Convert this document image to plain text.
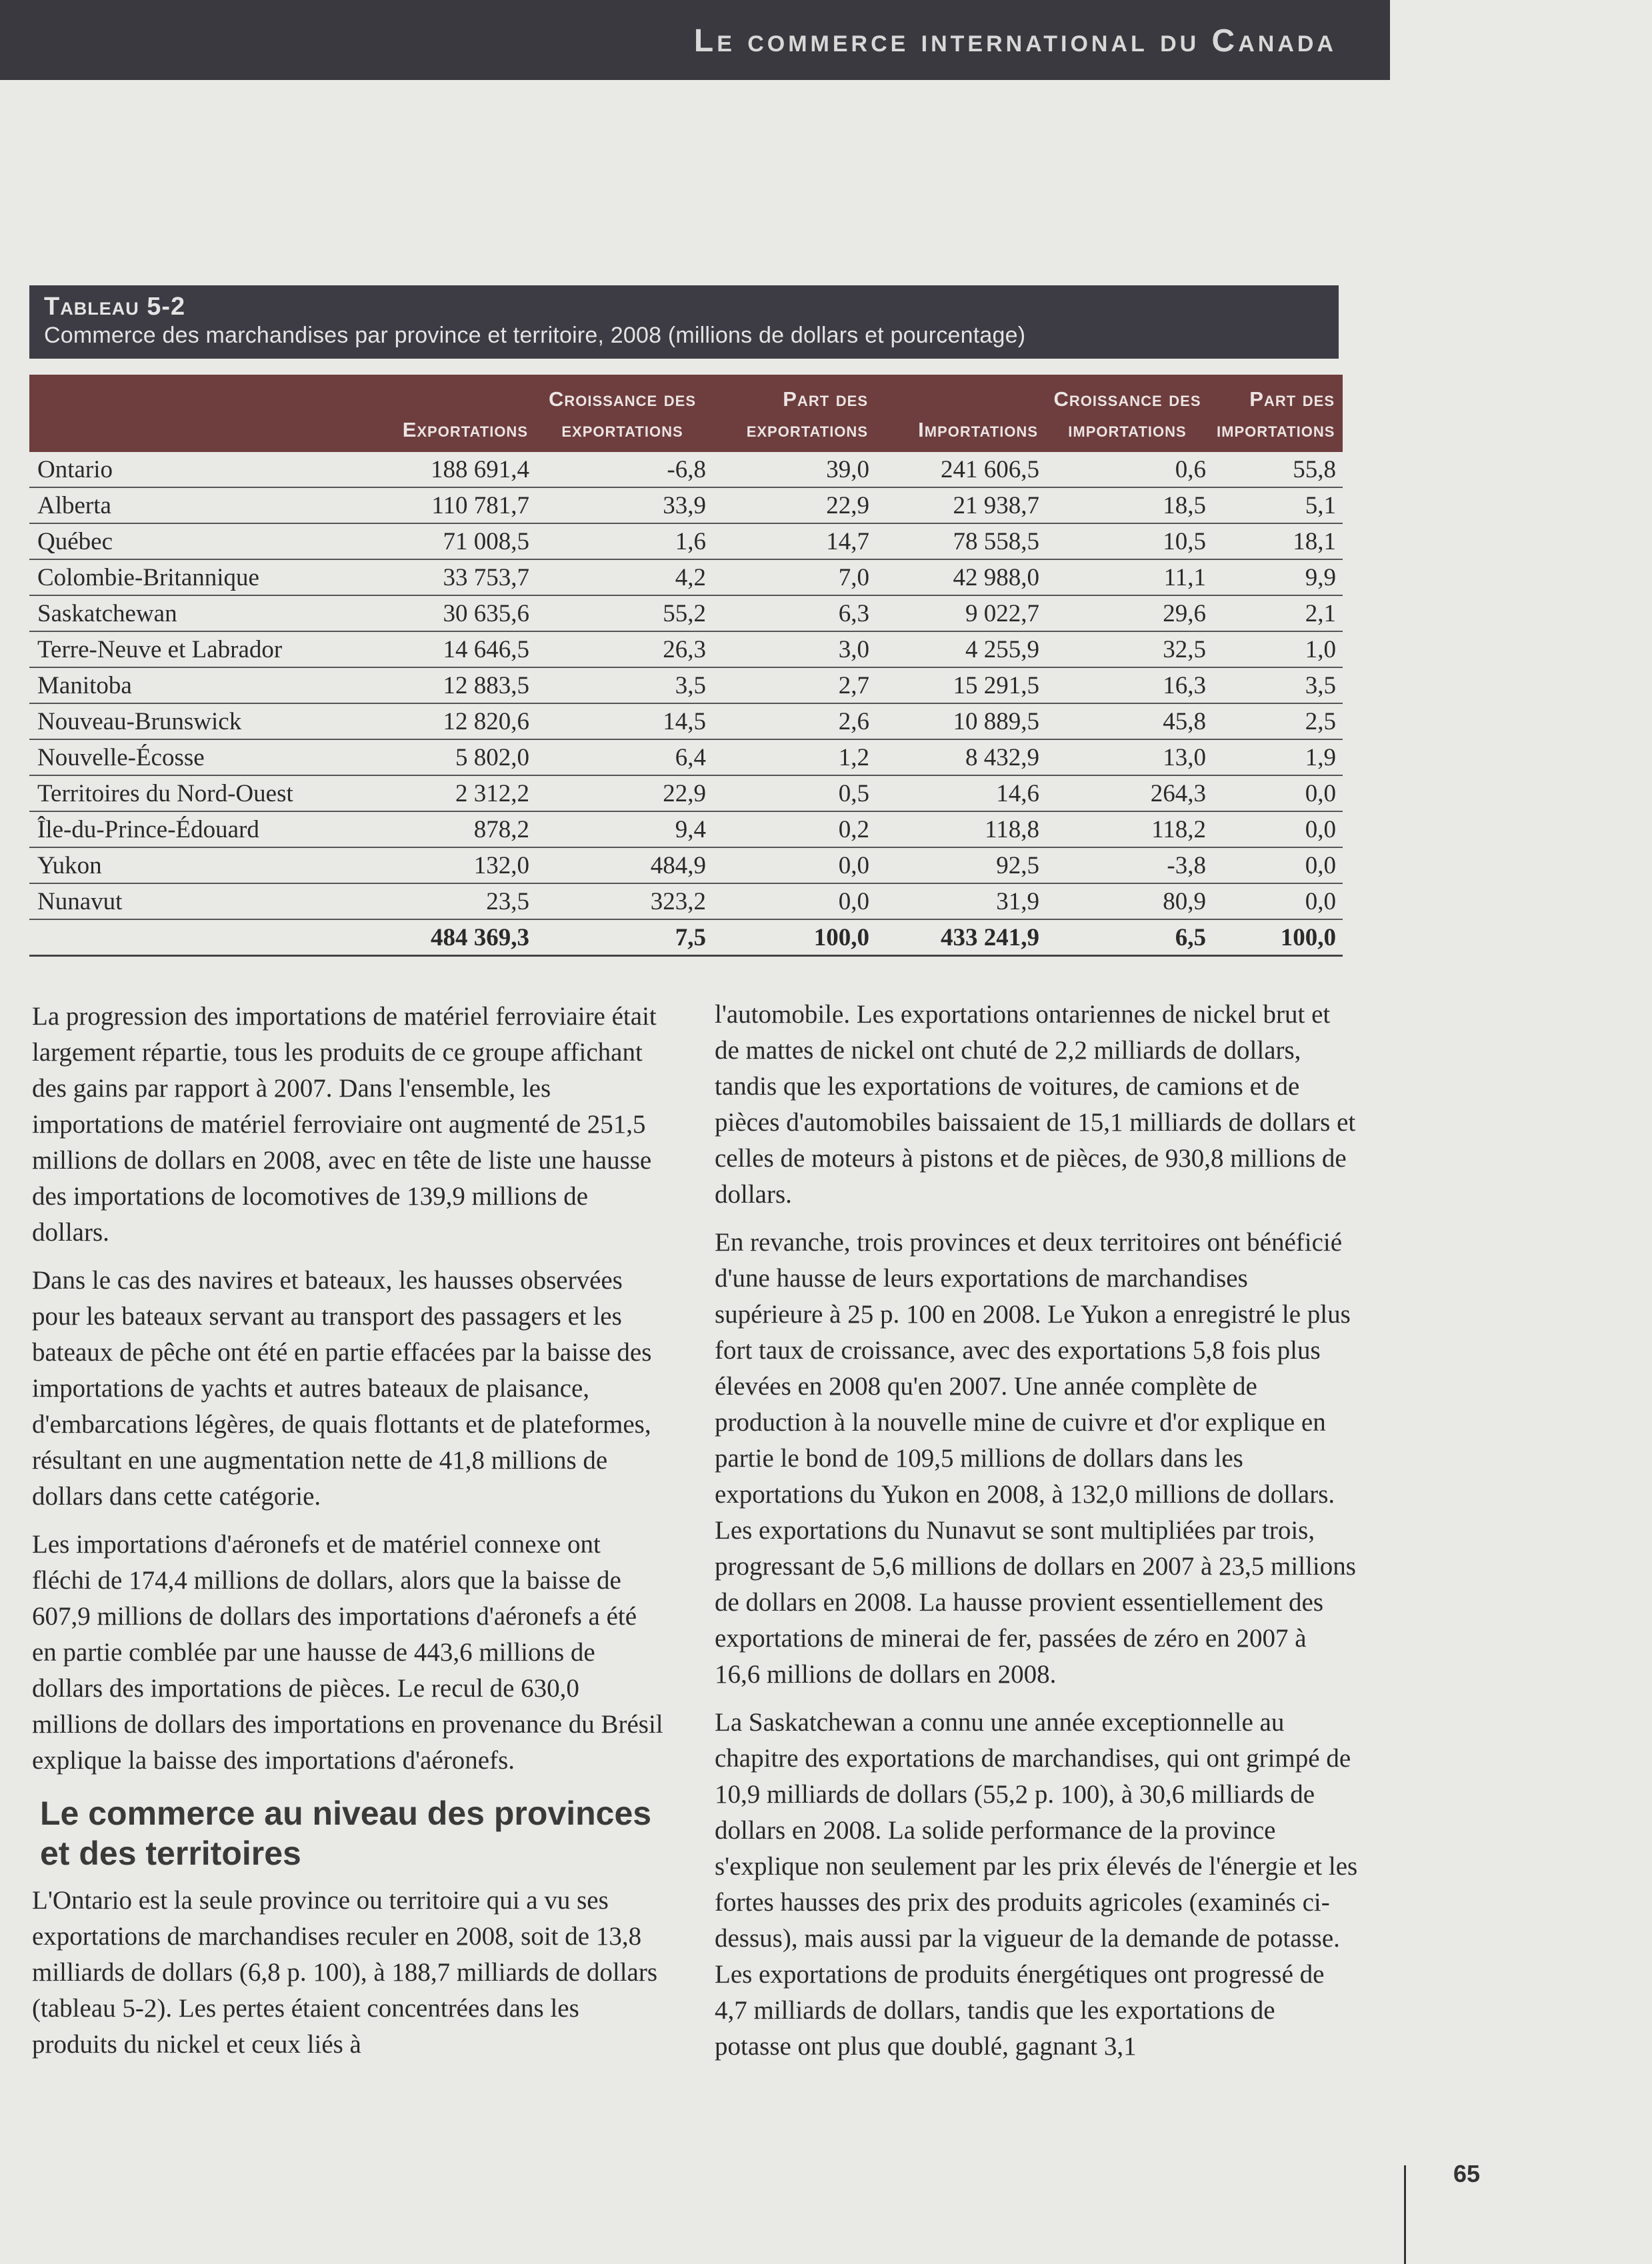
Le commerce international du Canada
Tableau 5-2
Commerce des marchandises par province et territoire, 2008 (millions de dollars et pourcentage)
	Exportations	Croissance des exportations	Part des exportations	Importations	Croissance des importations	Part des importations
Ontario	188 691,4	-6,8	39,0	241 606,5	0,6	55,8
Alberta	110 781,7	33,9	22,9	21 938,7	18,5	5,1
Québec	71 008,5	1,6	14,7	78 558,5	10,5	18,1
Colombie-Britannique	33 753,7	4,2	7,0	42 988,0	11,1	9,9
Saskatchewan	30 635,6	55,2	6,3	9 022,7	29,6	2,1
Terre-Neuve et Labrador	14 646,5	26,3	3,0	4 255,9	32,5	1,0
Manitoba	12 883,5	3,5	2,7	15 291,5	16,3	3,5
Nouveau-Brunswick	12 820,6	14,5	2,6	10 889,5	45,8	2,5
Nouvelle-Écosse	5 802,0	6,4	1,2	8 432,9	13,0	1,9
Territoires du Nord-Ouest	2 312,2	22,9	0,5	14,6	264,3	0,0
Île-du-Prince-Édouard	878,2	9,4	0,2	118,8	118,2	0,0
Yukon	132,0	484,9	0,0	92,5	-3,8	0,0
Nunavut	23,5	323,2	0,0	31,9	80,9	0,0
	484 369,3	7,5	100,0	433 241,9	6,5	100,0

La progression des importations de matériel ferroviaire était largement répartie, tous les produits de ce groupe affichant des gains par rapport à 2007. Dans l'ensemble, les importations de matériel ferroviaire ont augmenté de 251,5 millions de dollars en 2008, avec en tête de liste une hausse des importations de locomotives de 139,9 millions de dollars.

Dans le cas des navires et bateaux, les hausses observées pour les bateaux servant au transport des passagers et les bateaux de pêche ont été en partie effacées par la baisse des importations de yachts et autres bateaux de plaisance, d'embarcations légères, de quais flottants et de plateformes, résultant en une augmentation nette de 41,8 millions de dollars dans cette catégorie.

Les importations d'aéronefs et de matériel connexe ont fléchi de 174,4 millions de dollars, alors que la baisse de 607,9 millions de dollars des importations d'aéronefs a été en partie comblée par une hausse de 443,6 millions de dollars des importations de pièces. Le recul de 630,0 millions de dollars des importations en provenance du Brésil explique la baisse des importations d'aéronefs.

Le commerce au niveau des provinces et des territoires

L'Ontario est la seule province ou territoire qui a vu ses exportations de marchandises reculer en 2008, soit de 13,8 milliards de dollars (6,8 p. 100), à 188,7 milliards de dollars (tableau 5-2). Les pertes étaient concentrées dans les produits du nickel et ceux liés à

l'automobile. Les exportations ontariennes de nickel brut et de mattes de nickel ont chuté de 2,2 milliards de dollars, tandis que les exportations de voitures, de camions et de pièces d'automobiles baissaient de 15,1 milliards de dollars et celles de moteurs à pistons et de pièces, de 930,8 millions de dollars.

En revanche, trois provinces et deux territoires ont bénéficié d'une hausse de leurs exportations de marchandises supérieure à 25 p. 100 en 2008. Le Yukon a enregistré le plus fort taux de croissance, avec des exportations 5,8 fois plus élevées en 2008 qu'en 2007. Une année complète de production à la nouvelle mine de cuivre et d'or explique en partie le bond de 109,5 millions de dollars dans les exportations du Yukon en 2008, à 132,0 millions de dollars. Les exportations du Nunavut se sont multipliées par trois, progressant de 5,6 millions de dollars en 2007 à 23,5 millions de dollars en 2008. La hausse provient essentiellement des exportations de minerai de fer, passées de zéro en 2007 à 16,6 millions de dollars en 2008.

La Saskatchewan a connu une année exceptionnelle au chapitre des exportations de marchandises, qui ont grimpé de 10,9 milliards de dollars (55,2 p. 100), à 30,6 milliards de dollars en 2008. La solide performance de la province s'explique non seulement par les prix élevés de l'énergie et les fortes hausses des prix des produits agricoles (examinés ci-dessus), mais aussi par la vigueur de la demande de potasse. Les exportations de produits énergétiques ont progressé de 4,7 milliards de dollars, tandis que les exportations de potasse ont plus que doublé, gagnant 3,1

65
